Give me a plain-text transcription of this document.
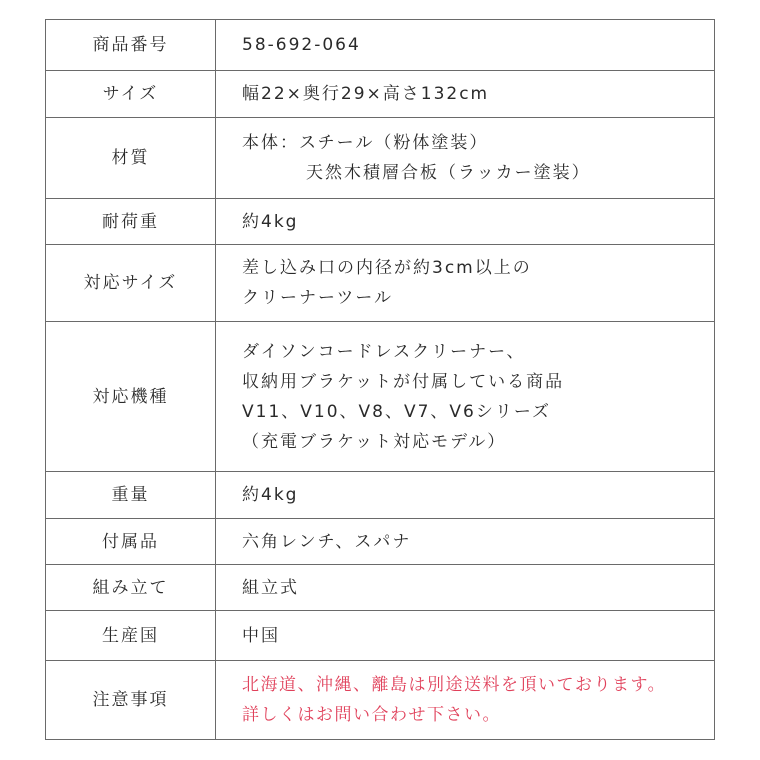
商品番号	58-692-064

サイズ	幅22×奥行29×高さ132cm

材質	本体：スチール（粉体塗装）
天然木積層合板（ラッカー塗装）

耐荷重	約4kg

対応サイズ	差し込み口の内径が約3cm以上の
クリーナーツール

対応機種	ダイソンコードレスクリーナー、
収納用ブラケットが付属している商品
V11、V10、V8、V7、V6シリーズ
（充電ブラケット対応モデル）

重量	約4kg

付属品	六角レンチ、スパナ

組み立て	組立式

生産国	中国

注意事項	北海道、沖縄、離島は別途送料を頂いております。
詳しくはお問い合わせ下さい。
